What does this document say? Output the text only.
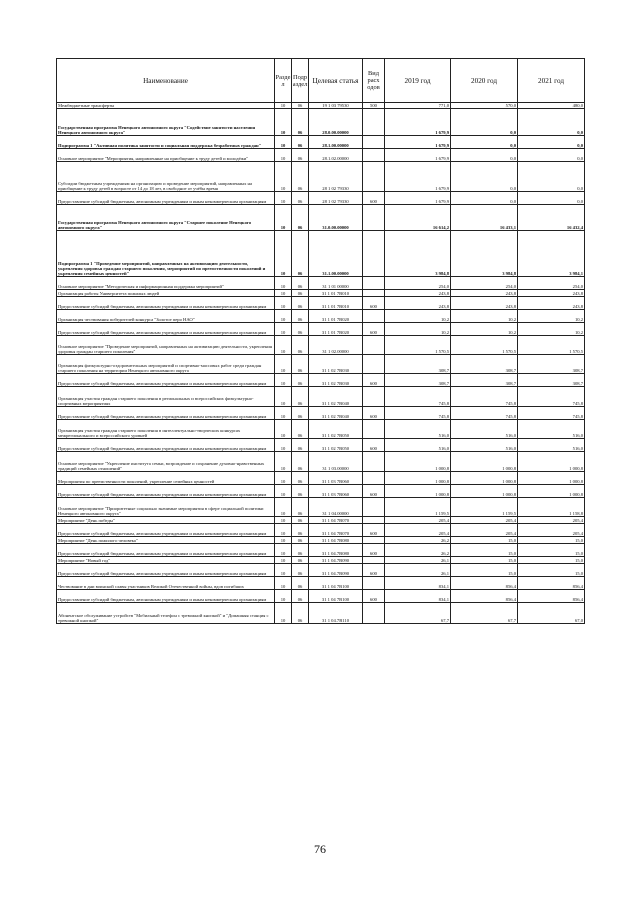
Наименование	Разде л	Подр аздел	Целевая статья	Вид расх одов	2019 год	2020 год	2021 год
Межбюджетные трансферты	10	06	19 1 03 79530	500	771,0	570,0	480,0
Государственная программа Ненецкого автономного округа "Содействие занятости населения Ненецкого автономного округа"	10	06	28.0.00.00000		1 679,9	0,0	0,0
Подпрограмма 1 "Активная политика занятости и социальная поддержка безработных граждан"	10	06	28.1.00.00000		1 679,9	0,0	0,0
Основное мероприятие "Мероприятия, направленные на приобщение к труду детей и молодёжи"	10	06	28.1.02.00000		1 679,9	0,0	0,0
Субсидии бюджетным учреждениям на организацию и проведение мероприятий, направленных на приобщение к труду детей в возрасте от 14 до 18 лет, в свободное от учёбы время	10	06	28 1 02 79330		1 679,9	0,0	0,0
Предоставление субсидий бюджетным, автономным учреждениям и иным некоммерческим организациям	10	06	28 1 02 79330	600	1 679,9	0,0	0,0
Государственная программа Ненецкого автономного округа "Старшее поколение Ненецкого автономного округа"	10	06	31.0.00.00000		16 614,2	16 433,1	16 432,4
Подпрограмма 1 "Проведение мероприятий, направленных на активизацию деятельности, укрепления здоровья граждан старшего поколения, мероприятий по преемственности поколений и укрепления семейных ценностей"	10	06	31.1.00.00000		3 984,8	3 984,8	3 984,1
Основное мероприятие "Методическая и информационная поддержка мероприятий"	10	06	31 1 01 00000		254,0	254,0	254,0
Организация работы Университета пожилых людей	10	06	31 1 01 7B010		243,8	243,8	243,8
Предоставление субсидий бюджетным, автономным учреждениям и иным некоммерческим организациям	10	06	31 1 01 7B010	600	243,8	243,8	243,8
Организация чествования победителей конкурса "Золотое перо НАО"	10	06	31 1 01 7B020		10,2	10,2	10,2
Предоставление субсидий бюджетным, автономным учреждениям и иным некоммерческим организациям	10	06	31 1 01 7B020	600	10,2	10,2	10,2
Основное мероприятие "Проведение мероприятий, направленных на активизацию деятельности, укрепления здоровья граждан старшего поколения"	10	06	31 1 02.00000		1 570,5	1 570,5	1 570,5
Организация физкультурно-оздоровительных мероприятий и спортивно-массовых работ среди граждан старшего поколения на территории Ненецкого автономного округа	10	06	31 1 02 7B030		308,7	308,7	308,7
Предоставление субсидий бюджетным, автономным учреждениям и иным некоммерческим организациям	10	06	31 1 02 7B030	600	308,7	308,7	308,7
Организация участия граждан старшего поколения в региональных и всероссийских физкультурно-спортивных мероприятиях	10	06	31 1 02 7B040		745,8	745,8	745,8
Предоставление субсидий бюджетным, автономным учреждениям и иным некоммерческим организациям	10	06	31 1 02 7B040	600	745,8	745,8	745,8
Организация участия граждан старшего поколения в интеллектуально-творческих конкурсах межрегионального и всероссийского уровней	10	06	31 1 02 7B050		516,0	516,0	516,0
Предоставление субсидий бюджетным, автономным учреждениям и иным некоммерческим организациям	10	06	31 1 02 7B050	600	516,0	516,0	516,0
Основное мероприятие "Укрепление института семьи, возрождение и сохранение духовно-нравственных традиций семейных отношений"	10	06	31 1 03.00000		1 000,8	1 000,8	1 000,8
Мероприятия по преемственности поколений, укрепление семейных ценностей	10	06	31 1 03 7B060		1 000,8	1 000,8	1 000,8
Предоставление субсидий бюджетным, автономным учреждениям и иным некоммерческим организациям	10	06	31 1 03 7B060	600	1 000,8	1 000,8	1 000,8
Основное мероприятие "Приоритетные социально значимые мероприятия в сфере социальной политики Ненецкого автономного округа"	10	06	31 1 04.00000		1 159,5	1 159,5	1 158,8
Мероприятие "День победы"	10	06	31 1 04 7B070		205,4	205,4	205,4
Предоставление субсидий бюджетным, автономным учреждениям и иным некоммерческим организациям	10	06	31 1 04 7B070	600	205,4	205,4	205,4
Мероприятие "День пожилого человека"	10	06	31 1 04 7B080		26,2	15,0	15,0
Предоставление субсидий бюджетным, автономным учреждениям и иным некоммерческим организациям	10	06	31 1 04.7B080	600	26,2	15,0	15,0
Мероприятие "Новый год"	10	06	31 1 04.7B090		26,1	15,0	15,0
Предоставление субсидий бюджетным, автономным учреждениям и иным некоммерческим организациям	10	06	31 1 04.7B090	600	26,1	15,0	15,0
Чествование в дни воинской славы участников Великой Отечественной войны, вдов погибших	10	06	31 1 04 7B100		834,1	856,4	856,4
Предоставление субсидий бюджетным, автономным учреждениям и иным некоммерческим организациям	10	06	31 1 04 7B100	600	834,1	856,4	856,4
Абонентское обслуживание устройств "Мобильный телефон с тревожной кнопкой" и "Домашняя станция с тревожной кнопкой"	10	06	31 1 04.7B110		67,7	67,7	67,0
76
